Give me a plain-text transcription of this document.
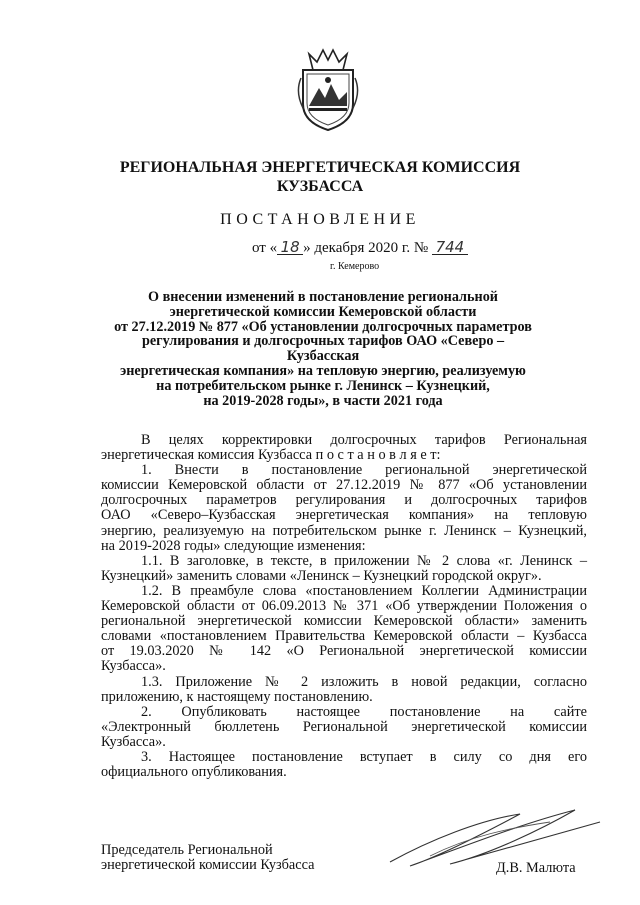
РЕГИОНАЛЬНАЯ ЭНЕРГЕТИЧЕСКАЯ КОМИССИЯ
КУЗБАССА
ПОСТАНОВЛЕНИЕ
от « 18 » декабря 2020 г. № 744
г. Кемерово
О внесении изменений в постановление региональной
энергетической комиссии Кемеровской области
от 27.12.2019 № 877 «Об установлении долгосрочных параметров
регулирования и долгосрочных тарифов ОАО «Северо – Кузбасская
энергетическая компания» на тепловую энергию, реализуемую
на потребительском рынке г. Ленинск – Кузнецкий,
на 2019-2028 годы», в части 2021 года

В целях корректировки долгосрочных тарифов Региональная

энергетическая комиссия Кузбасса п о с т а н о в л я е т:

1. Внести в постановление региональной энергетической

комиссии Кемеровской области от 27.12.2019 № 877 «Об установлении

долгосрочных параметров регулирования и долгосрочных тарифов

ОАО «Северо–Кузбасская энергетическая компания» на тепловую

энергию, реализуемую на потребительском рынке г. Ленинск – Кузнецкий,

на 2019-2028 годы» следующие изменения:

1.1. В заголовке, в тексте, в приложении № 2 слова «г. Ленинск –

Кузнецкий» заменить словами «Ленинск – Кузнецкий городской округ».

1.2. В преамбуле слова «постановлением Коллегии Администрации

Кемеровской области от 06.09.2013 № 371 «Об утверждении Положения о

региональной энергетической комиссии Кемеровской области» заменить

словами «постановлением Правительства Кемеровской области – Кузбасса

от 19.03.2020 № 142 «О Региональной энергетической комиссии

Кузбасса».

1.3. Приложение № 2 изложить в новой редакции, согласно

приложению, к настоящему постановлению.

2. Опубликовать настоящее постановление на сайте

«Электронный бюллетень Региональной энергетической комиссии

Кузбасса».

3. Настоящее постановление вступает в силу со дня его

официального опубликования.

Председатель Региональной
энергетической комиссии Кузбасса	Д.В. Малюта
